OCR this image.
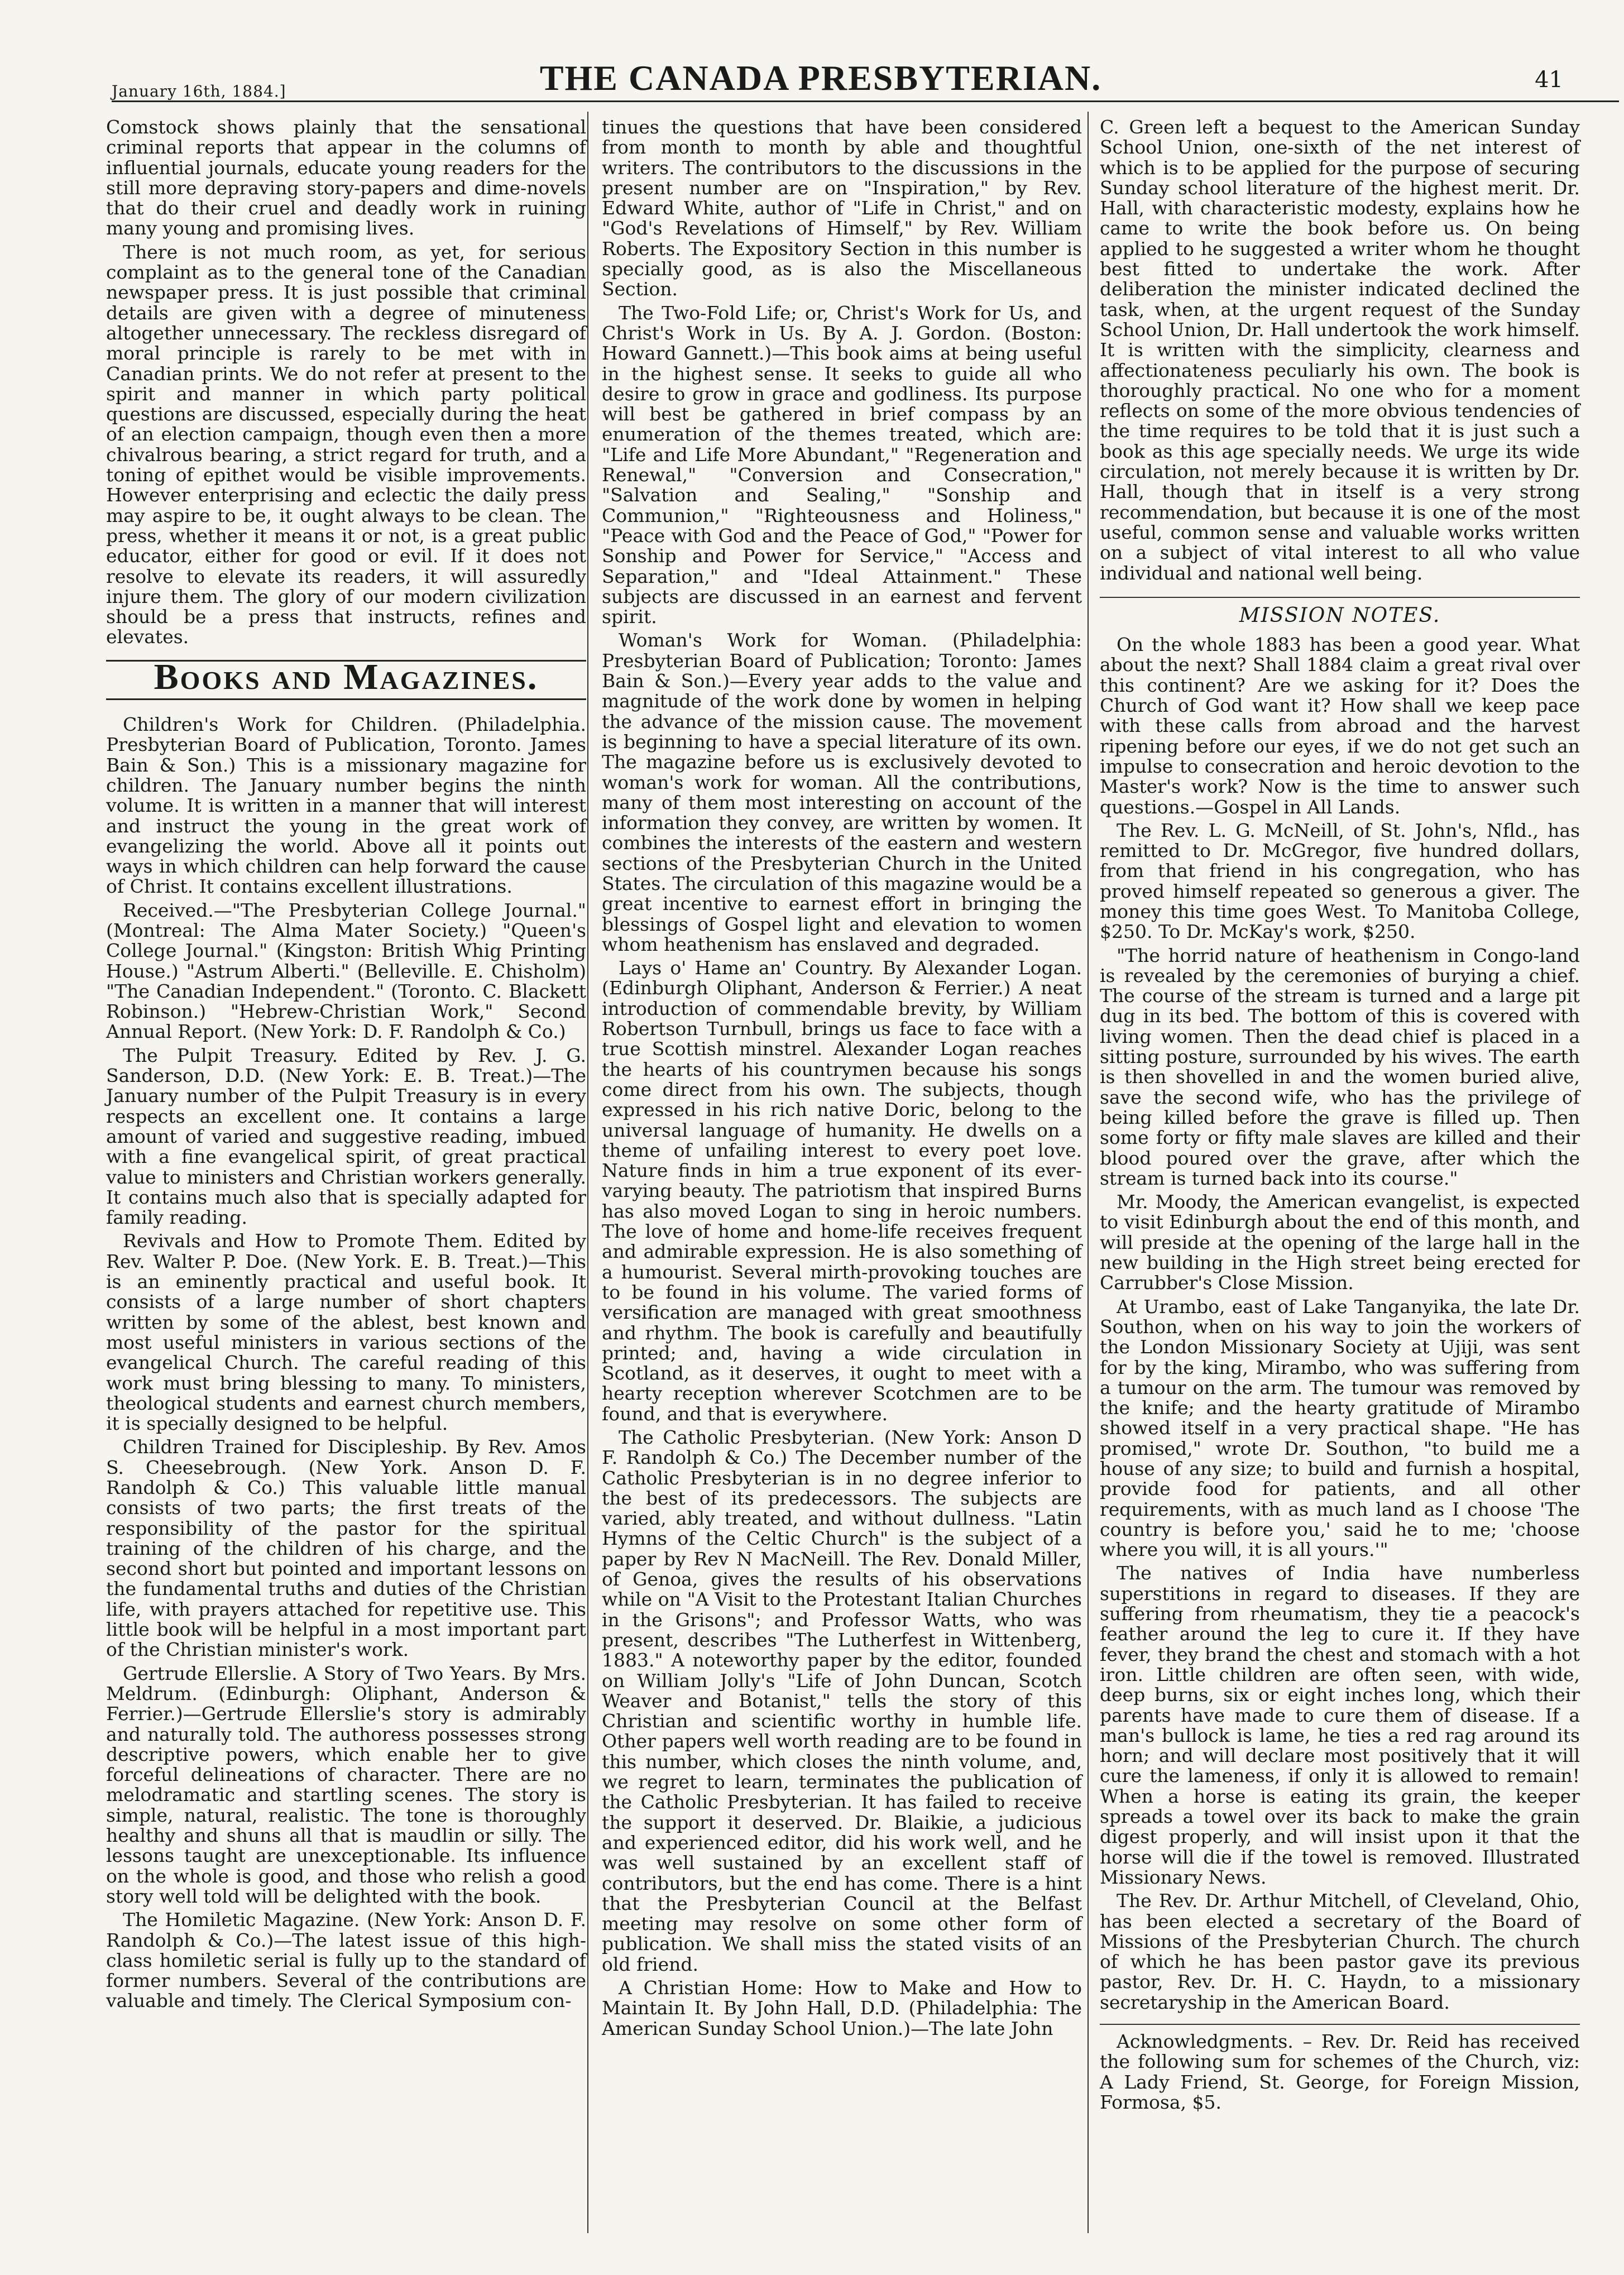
January 16th, 1884.]	THE CANADA PRESBYTERIAN.	41

Comstock shows plainly that the sensational criminal reports that appear in the columns of influential journals, educate young readers for the still more depraving story-papers and dime-novels that do their cruel and deadly work in ruining many young and promising lives.

There is not much room, as yet, for serious complaint as to the general tone of the Canadian newspaper press. It is just possible that criminal details are given with a degree of minuteness altogether unnecessary. The reckless disregard of moral principle is rarely to be met with in Canadian prints. We do not refer at present to the spirit and manner in which party political questions are discussed, especially during the heat of an election campaign, though even then a more chivalrous bearing, a strict regard for truth, and a toning of epithet would be visible improvements. However enterprising and eclectic the daily press may aspire to be, it ought always to be clean. The press, whether it means it or not, is a great public educator, either for good or evil. If it does not resolve to elevate its readers, it will assuredly injure them. The glory of our modern civilization should be a press that instructs, refines and elevates.

Books and Magazines.

Children's Work for Children. (Philadelphia. Presbyterian Board of Publication, Toronto. James Bain & Son.) This is a missionary magazine for children. The January number begins the ninth volume. It is written in a manner that will interest and instruct the young in the great work of evangelizing the world. Above all it points out ways in which children can help forward the cause of Christ. It contains excellent illustrations.

Received.—"The Presbyterian College Journal." (Montreal: The Alma Mater Society.) "Queen's College Journal." (Kingston: British Whig Printing House.) "Astrum Alberti." (Belleville. E. Chisholm) "The Canadian Independent." (Toronto. C. Blackett Robinson.) "Hebrew-Christian Work," Second Annual Report. (New York: D. F. Randolph & Co.)

The Pulpit Treasury. Edited by Rev. J. G. Sanderson, D.D. (New York: E. B. Treat.)—The January number of the Pulpit Treasury is in every respects an excellent one. It contains a large amount of varied and suggestive reading, imbued with a fine evangelical spirit, of great practical value to ministers and Christian workers generally. It contains much also that is specially adapted for family reading.

Revivals and How to Promote Them. Edited by Rev. Walter P. Doe. (New York. E. B. Treat.)—This is an eminently practical and useful book. It consists of a large number of short chapters written by some of the ablest, best known and most useful ministers in various sections of the evangelical Church. The careful reading of this work must bring blessing to many. To ministers, theological students and earnest church members, it is specially designed to be helpful.

Children Trained for Discipleship. By Rev. Amos S. Cheesebrough. (New York. Anson D. F. Randolph & Co.) This valuable little manual consists of two parts; the first treats of the responsibility of the pastor for the spiritual training of the children of his charge, and the second short but pointed and important lessons on the fundamental truths and duties of the Christian life, with prayers attached for repetitive use. This little book will be helpful in a most important part of the Christian minister's work.

Gertrude Ellerslie. A Story of Two Years. By Mrs. Meldrum. (Edinburgh: Oliphant, Anderson & Ferrier.)—Gertrude Ellerslie's story is admirably and naturally told. The authoress possesses strong descriptive powers, which enable her to give forceful delineations of character. There are no melodramatic and startling scenes. The story is simple, natural, realistic. The tone is thoroughly healthy and shuns all that is maudlin or silly. The lessons taught are unexceptionable. Its influence on the whole is good, and those who relish a good story well told will be delighted with the book.

The Homiletic Magazine. (New York: Anson D. F. Randolph & Co.)—The latest issue of this high-class homiletic serial is fully up to the standard of former numbers. Several of the contributions are valuable and timely. The Clerical Symposium con-

tinues the questions that have been considered from month to month by able and thoughtful writers. The contributors to the discussions in the present number are on "Inspiration," by Rev. Edward White, author of "Life in Christ," and on "God's Revelations of Himself," by Rev. William Roberts. The Expository Section in this number is specially good, as is also the Miscellaneous Section.

The Two-Fold Life; or, Christ's Work for Us, and Christ's Work in Us. By A. J. Gordon. (Boston: Howard Gannett.)—This book aims at being useful in the highest sense. It seeks to guide all who desire to grow in grace and godliness. Its purpose will best be gathered in brief compass by an enumeration of the themes treated, which are: "Life and Life More Abundant," "Regeneration and Renewal," "Conversion and Consecration," "Salvation and Sealing," "Sonship and Communion," "Righteousness and Holiness," "Peace with God and the Peace of God," "Power for Sonship and Power for Service," "Access and Separation," and "Ideal Attainment." These subjects are discussed in an earnest and fervent spirit.

Woman's Work for Woman. (Philadelphia: Presbyterian Board of Publication; Toronto: James Bain & Son.)—Every year adds to the value and magnitude of the work done by women in helping the advance of the mission cause. The movement is beginning to have a special literature of its own. The magazine before us is exclusively devoted to woman's work for woman. All the contributions, many of them most interesting on account of the information they convey, are written by women. It combines the interests of the eastern and western sections of the Presbyterian Church in the United States. The circulation of this magazine would be a great incentive to earnest effort in bringing the blessings of Gospel light and elevation to women whom heathenism has enslaved and degraded.

Lays o' Hame an' Country. By Alexander Logan. (Edinburgh Oliphant, Anderson & Ferrier.) A neat introduction of commendable brevity, by William Robertson Turnbull, brings us face to face with a true Scottish minstrel. Alexander Logan reaches the hearts of his countrymen because his songs come direct from his own. The subjects, though expressed in his rich native Doric, belong to the universal language of humanity. He dwells on a theme of unfailing interest to every poet love. Nature finds in him a true exponent of its ever-varying beauty. The patriotism that inspired Burns has also moved Logan to sing in heroic numbers. The love of home and home-life receives frequent and admirable expression. He is also something of a humourist. Several mirth-provoking touches are to be found in his volume. The varied forms of versification are managed with great smoothness and rhythm. The book is carefully and beautifully printed; and, having a wide circulation in Scotland, as it deserves, it ought to meet with a hearty reception wherever Scotchmen are to be found, and that is everywhere.

The Catholic Presbyterian. (New York: Anson D F. Randolph & Co.) The December number of the Catholic Presbyterian is in no degree inferior to the best of its predecessors. The subjects are varied, ably treated, and without dullness. "Latin Hymns of the Celtic Church" is the subject of a paper by Rev N MacNeill. The Rev. Donald Miller, of Genoa, gives the results of his observations while on "A Visit to the Protestant Italian Churches in the Grisons"; and Professor Watts, who was present, describes "The Lutherfest in Wittenberg, 1883." A noteworthy paper by the editor, founded on William Jolly's "Life of John Duncan, Scotch Weaver and Botanist," tells the story of this Christian and scientific worthy in humble life. Other papers well worth reading are to be found in this number, which closes the ninth volume, and, we regret to learn, terminates the publication of the Catholic Presbyterian. It has failed to receive the support it deserved. Dr. Blaikie, a judicious and experienced editor, did his work well, and he was well sustained by an excellent staff of contributors, but the end has come. There is a hint that the Presbyterian Council at the Belfast meeting may resolve on some other form of publication. We shall miss the stated visits of an old friend.

A Christian Home: How to Make and How to Maintain It. By John Hall, D.D. (Philadelphia: The American Sunday School Union.)—The late John

C. Green left a bequest to the American Sunday School Union, one-sixth of the net interest of which is to be applied for the purpose of securing Sunday school literature of the highest merit. Dr. Hall, with characteristic modesty, explains how he came to write the book before us. On being applied to he suggested a writer whom he thought best fitted to undertake the work. After deliberation the minister indicated declined the task, when, at the urgent request of the Sunday School Union, Dr. Hall undertook the work himself. It is written with the simplicity, clearness and affectionateness peculiarly his own. The book is thoroughly practical. No one who for a moment reflects on some of the more obvious tendencies of the time requires to be told that it is just such a book as this age specially needs. We urge its wide circulation, not merely because it is written by Dr. Hall, though that in itself is a very strong recommendation, but because it is one of the most useful, common sense and valuable works written on a subject of vital interest to all who value individual and national well being.

MISSION NOTES.

On the whole 1883 has been a good year. What about the next? Shall 1884 claim a great rival over this continent? Are we asking for it? Does the Church of God want it? How shall we keep pace with these calls from abroad and the harvest ripening before our eyes, if we do not get such an impulse to consecration and heroic devotion to the Master's work? Now is the time to answer such questions.—Gospel in All Lands.

The Rev. L. G. McNeill, of St. John's, Nfld., has remitted to Dr. McGregor, five hundred dollars, from that friend in his congregation, who has proved himself repeated so generous a giver. The money this time goes West. To Manitoba College, $250. To Dr. McKay's work, $250.

"The horrid nature of heathenism in Congo-land is revealed by the ceremonies of burying a chief. The course of the stream is turned and a large pit dug in its bed. The bottom of this is covered with living women. Then the dead chief is placed in a sitting posture, surrounded by his wives. The earth is then shovelled in and the women buried alive, save the second wife, who has the privilege of being killed before the grave is filled up. Then some forty or fifty male slaves are killed and their blood poured over the grave, after which the stream is turned back into its course."

Mr. Moody, the American evangelist, is expected to visit Edinburgh about the end of this month, and will preside at the opening of the large hall in the new building in the High street being erected for Carrubber's Close Mission.

At Urambo, east of Lake Tanganyika, the late Dr. Southon, when on his way to join the workers of the London Missionary Society at Ujiji, was sent for by the king, Mirambo, who was suffering from a tumour on the arm. The tumour was removed by the knife; and the hearty gratitude of Mirambo showed itself in a very practical shape. "He has promised," wrote Dr. Southon, "to build me a house of any size; to build and furnish a hospital, provide food for patients, and all other requirements, with as much land as I choose 'The country is before you,' said he to me; 'choose where you will, it is all yours.'"

The natives of India have numberless superstitions in regard to diseases. If they are suffering from rheumatism, they tie a peacock's feather around the leg to cure it. If they have fever, they brand the chest and stomach with a hot iron. Little children are often seen, with wide, deep burns, six or eight inches long, which their parents have made to cure them of disease. If a man's bullock is lame, he ties a red rag around its horn; and will declare most positively that it will cure the lameness, if only it is allowed to remain! When a horse is eating its grain, the keeper spreads a towel over its back to make the grain digest properly, and will insist upon it that the horse will die if the towel is removed. Illustrated Missionary News.

The Rev. Dr. Arthur Mitchell, of Cleveland, Ohio, has been elected a secretary of the Board of Missions of the Presbyterian Church. The church of which he has been pastor gave its previous pastor, Rev. Dr. H. C. Haydn, to a missionary secretaryship in the American Board.

Acknowledgments. – Rev. Dr. Reid has received the following sum for schemes of the Church, viz: A Lady Friend, St. George, for Foreign Mission, Formosa, $5.
